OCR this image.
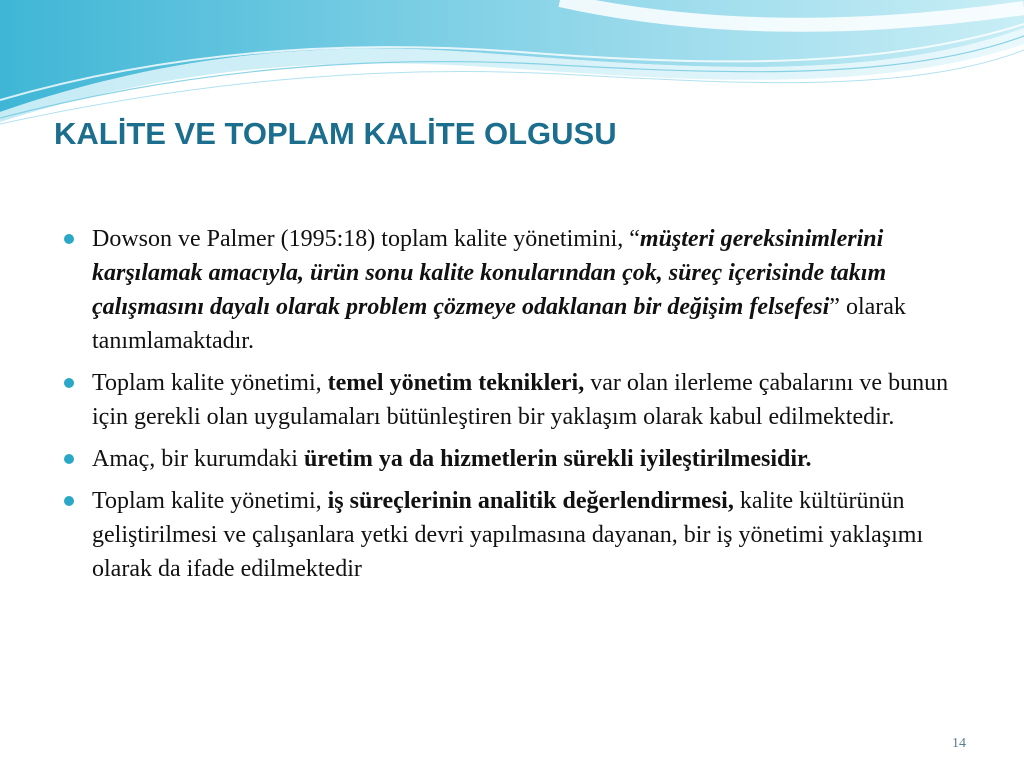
KALİTE VE TOPLAM KALİTE OLGUSU
Dowson ve Palmer (1995:18) toplam kalite yönetimini, “müşteri gereksinimlerini karşılamak amacıyla, ürün sonu kalite konularından çok, süreç içerisinde takım çalışmasını dayalı olarak problem çözmeye odaklanan bir değişim felsefesi” olarak tanımlamaktadır.
Toplam kalite yönetimi, temel yönetim teknikleri, var olan ilerleme çabalarını ve bunun için gerekli olan uygulamaları bütünleştiren bir yaklaşım olarak kabul edilmektedir.
Amaç, bir kurumdaki üretim ya da hizmetlerin sürekli iyileştirilmesidir.
Toplam kalite yönetimi, iş süreçlerinin analitik değerlendirmesi, kalite kültürünün geliştirilmesi ve çalışanlara yetki devri yapılmasına dayanan, bir iş yönetimi yaklaşımı olarak da ifade edilmektedir
14
